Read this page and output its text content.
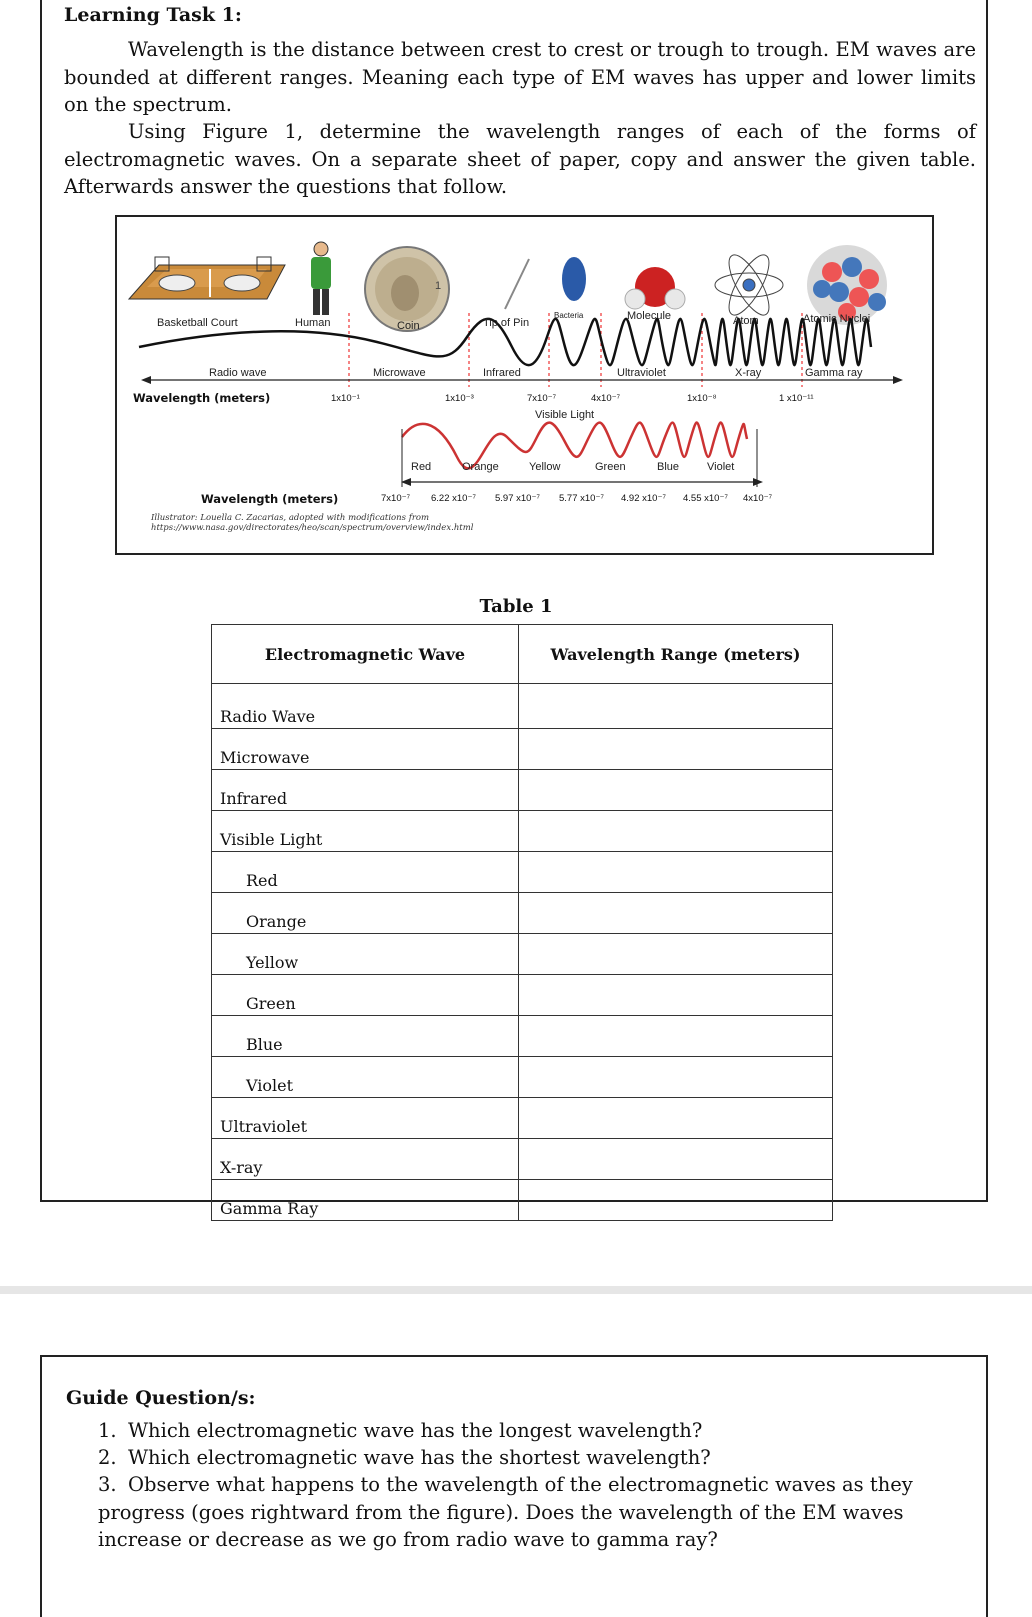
Learning Task 1:

Wavelength is the distance between crest to crest or trough to trough. EM waves are bounded at different ranges. Meaning each type of EM waves has upper and lower limits on the spectrum.

Using Figure 1, determine the wavelength ranges of each of the forms of electromagnetic waves. On a separate sheet of paper, copy and answer the given table. Afterwards answer the questions that follow.

1
Basketball Court	Human	Coin	Tip of Pin
Bacteria	Molecule	Atom	Atomic Nuclei
Radio wave	Microwave	Infrared	Ultraviolet	X-ray	Gamma ray
Wavelength (meters)	1x10⁻¹	1x10⁻³	7x10⁻⁷	4x10⁻⁷	1x10⁻⁸	1 x10⁻¹¹
Visible Light
Red	Orange	Yellow	Green	Blue	Violet
Wavelength (meters)	7x10⁻⁷ 6.22 x10⁻⁷ 5.97 x10⁻⁷ 5.77 x10⁻⁷ 4.92 x10⁻⁷ 4.55 x10⁻⁷ 4x10⁻⁷
Illustrator: Louella C. Zacarias, adopted with modifications from
https://www.nasa.gov/directorates/heo/scan/spectrum/overview/index.html
Table 1
Electromagnetic Wave	Wavelength Range (meters)
Radio Wave	
Microwave	
Infrared	
Visible Light	
Red	
Orange	
Yellow	
Green	
Blue	
Violet	
Ultraviolet	
X-ray	
Gamma Ray	

Guide Question/s:

1. Which electromagnetic wave has the longest wavelength?

2. Which electromagnetic wave has the shortest wavelength?

3. Observe what happens to the wavelength of the electromagnetic waves as they progress (goes rightward from the figure). Does the wavelength of the EM waves increase or decrease as we go from radio wave to gamma ray?
